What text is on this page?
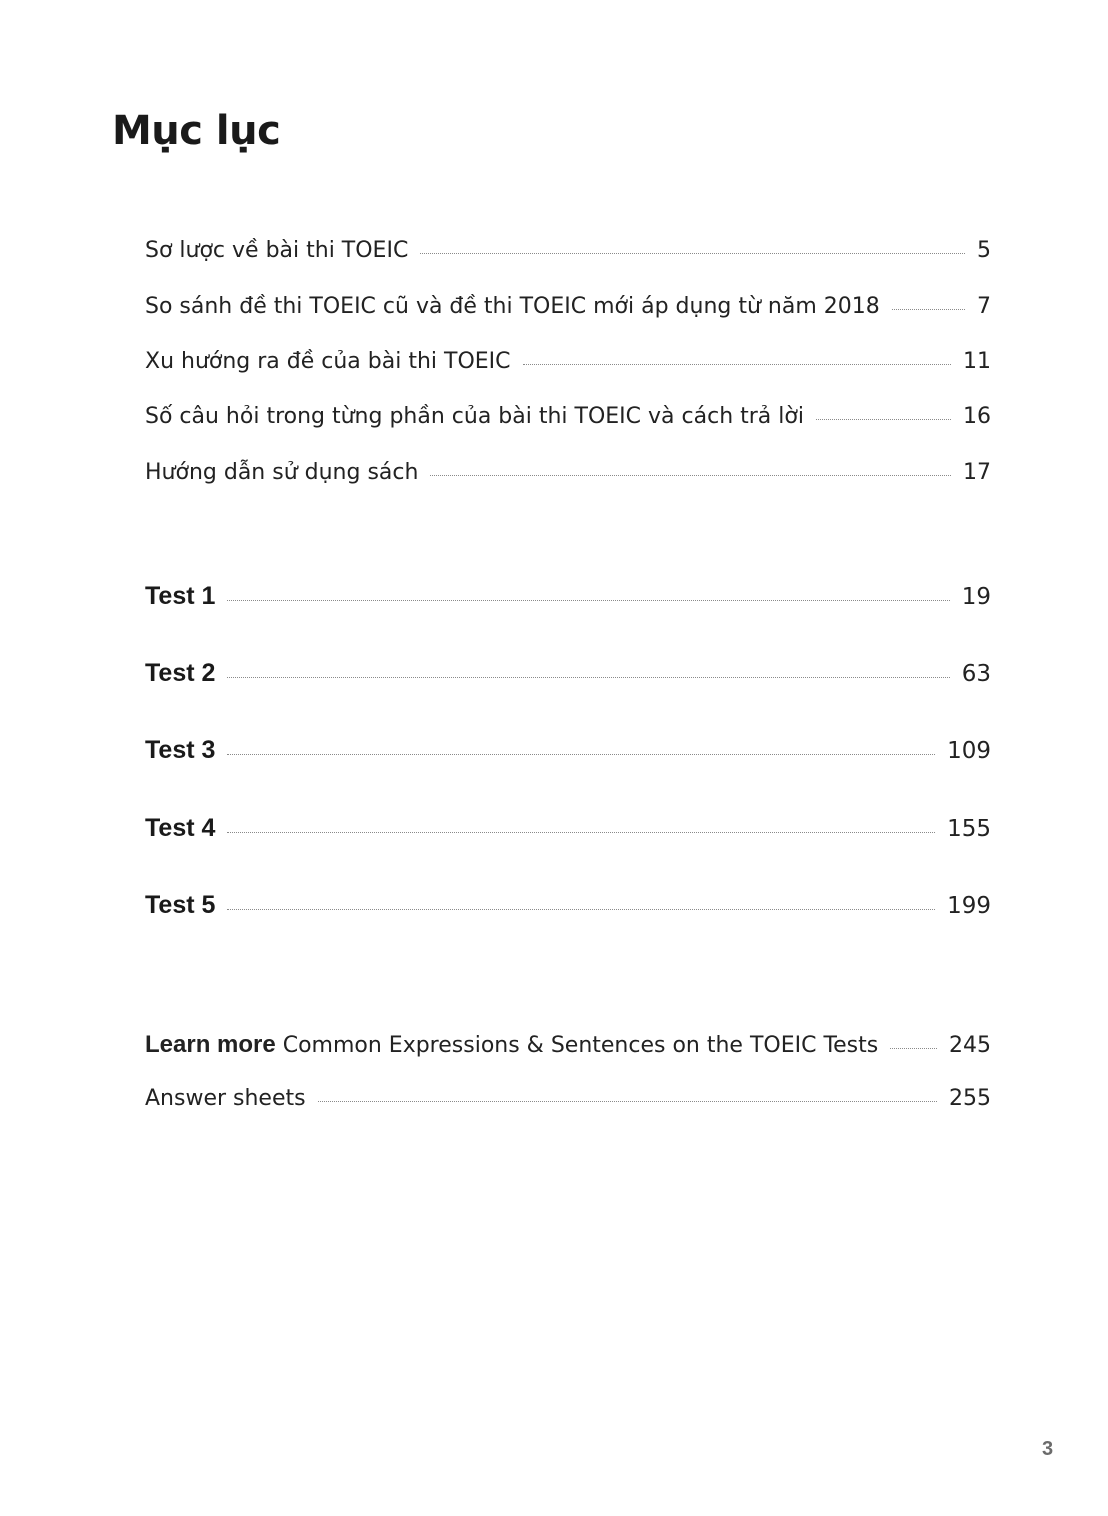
Mục lục
Sơ lược về bài thi TOEIC	5
So sánh đề thi TOEIC cũ và đề thi TOEIC mới áp dụng từ năm 2018	7
Xu hướng ra đề của bài thi TOEIC	11
Số câu hỏi trong từng phần của bài thi TOEIC và cách trả lời	16
Hướng dẫn sử dụng sách	17
Test 1	19
Test 2	63
Test 3	109
Test 4	155
Test 5	199
Learn more Common Expressions & Sentences on the TOEIC Tests	245
Answer sheets	255
3
